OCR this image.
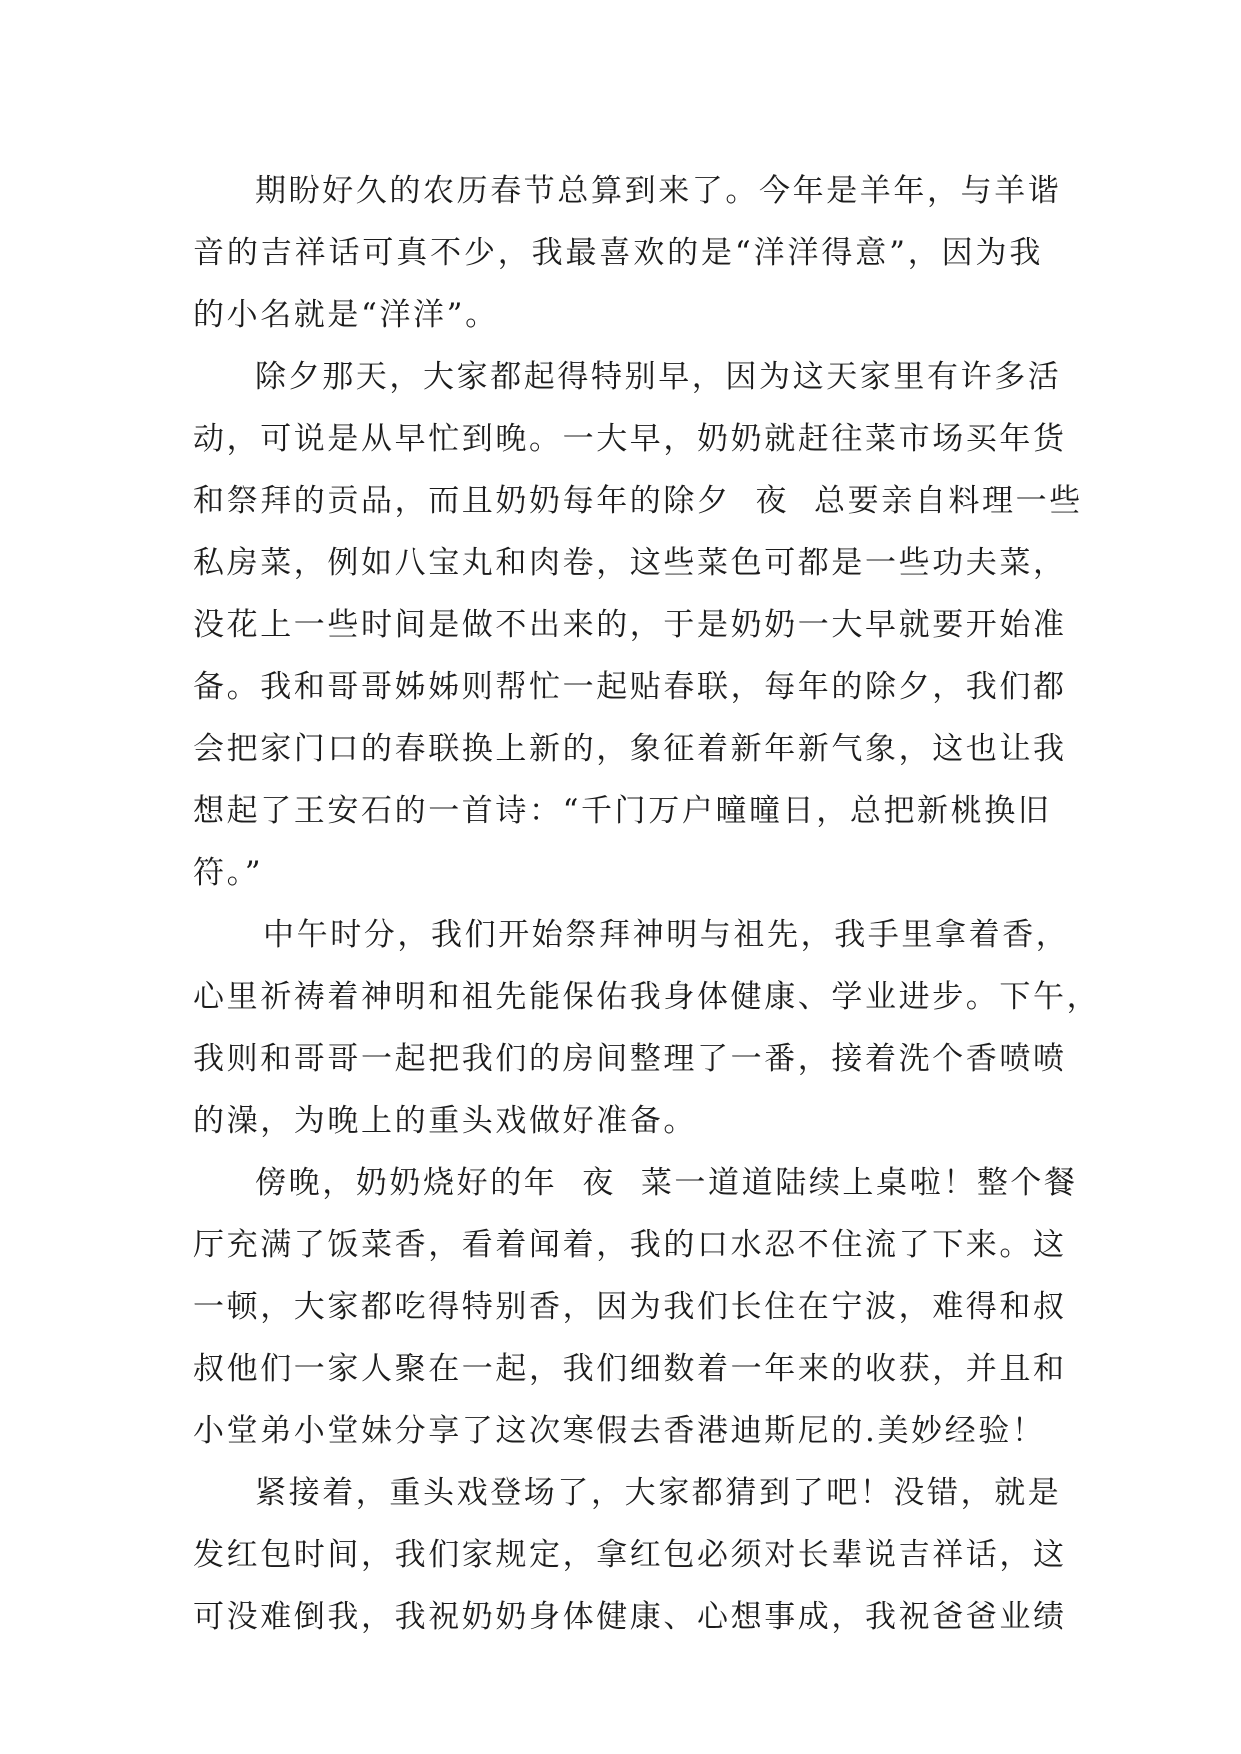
期盼好久的农历春节总算到来了。今年是羊年，与羊谐
音的吉祥话可真不少，我最喜欢的是“洋洋得意”，因为我
的小名就是“洋洋”。
除夕那天，大家都起得特别早，因为这天家里有许多活
动，可说是从早忙到晚。一大早，奶奶就赶往菜市场买年货
和祭拜的贡品，而且奶奶每年的除夕  夜  总要亲自料理一些
私房菜，例如八宝丸和肉卷，这些菜色可都是一些功夫菜，
没花上一些时间是做不出来的，于是奶奶一大早就要开始准
备。我和哥哥姊姊则帮忙一起贴春联，每年的除夕，我们都
会把家门口的春联换上新的，象征着新年新气象，这也让我
想起了王安石的一首诗：“千门万户曈曈日，总把新桃换旧
符。”
中午时分，我们开始祭拜神明与祖先，我手里拿着香，
心里祈祷着神明和祖先能保佑我身体健康、学业进步。下午，
我则和哥哥一起把我们的房间整理了一番，接着洗个香喷喷
的澡，为晚上的重头戏做好准备。
傍晚，奶奶烧好的年  夜  菜一道道陆续上桌啦！整个餐
厅充满了饭菜香，看着闻着，我的口水忍不住流了下来。这
一顿，大家都吃得特别香，因为我们长住在宁波，难得和叔
叔他们一家人聚在一起，我们细数着一年来的收获，并且和
小堂弟小堂妹分享了这次寒假去香港迪斯尼的.美妙经验！
紧接着，重头戏登场了，大家都猜到了吧！没错，就是
发红包时间，我们家规定，拿红包必须对长辈说吉祥话，这
可没难倒我，我祝奶奶身体健康、心想事成，我祝爸爸业绩
